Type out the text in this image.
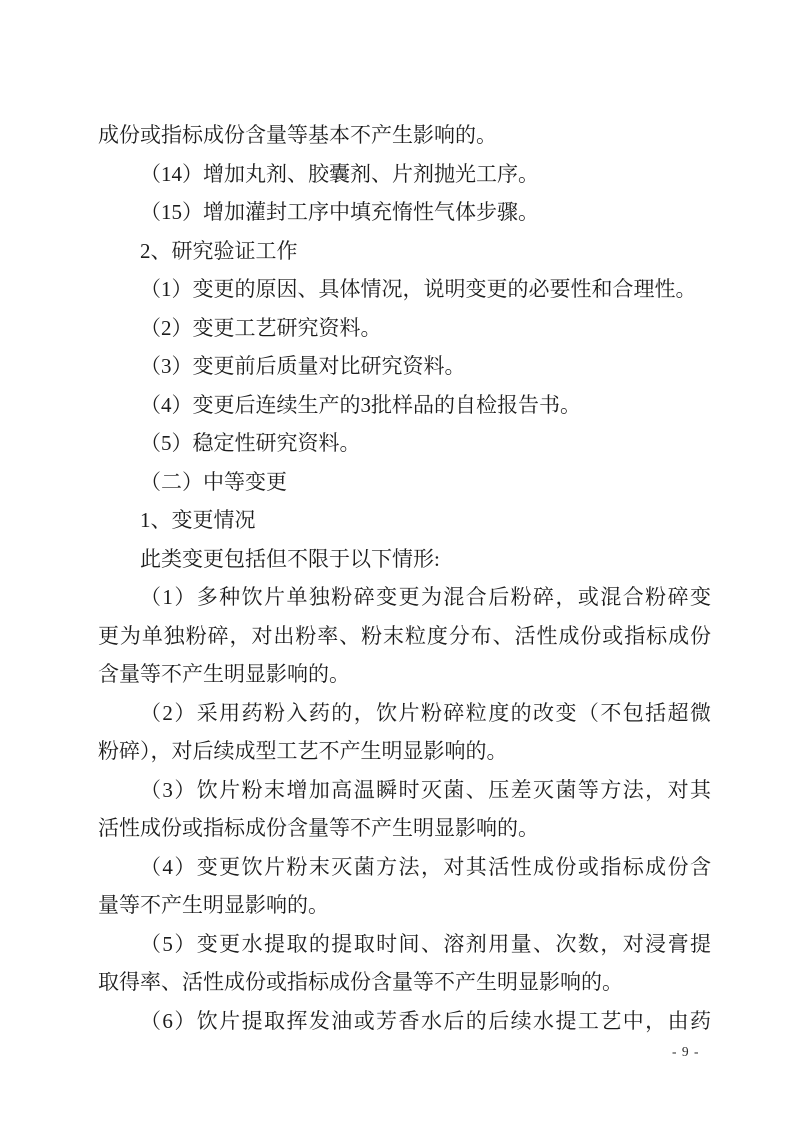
成份或指标成份含量等基本不产生影响的。
（14）增加丸剂、胶囊剂、片剂抛光工序。
（15）增加灌封工序中填充惰性气体步骤。
2、研究验证工作
（1）变更的原因、具体情况，说明变更的必要性和合理性。
（2）变更工艺研究资料。
（3）变更前后质量对比研究资料。
（4）变更后连续生产的3批样品的自检报告书。
（5）稳定性研究资料。
（二）中等变更
1、变更情况
此类变更包括但不限于以下情形:
（1）多种饮片单独粉碎变更为混合后粉碎，或混合粉碎变
更为单独粉碎，对出粉率、粉末粒度分布、活性成份或指标成份
含量等不产生明显影响的。
（2）采用药粉入药的，饮片粉碎粒度的改变（不包括超微
粉碎），对后续成型工艺不产生明显影响的。
（3）饮片粉末增加高温瞬时灭菌、压差灭菌等方法，对其
活性成份或指标成份含量等不产生明显影响的。
（4）变更饮片粉末灭菌方法，对其活性成份或指标成份含
量等不产生明显影响的。
（5）变更水提取的提取时间、溶剂用量、次数，对浸膏提
取得率、活性成份或指标成份含量等不产生明显影响的。
（6）饮片提取挥发油或芳香水后的后续水提工艺中，由药
- 9 -
